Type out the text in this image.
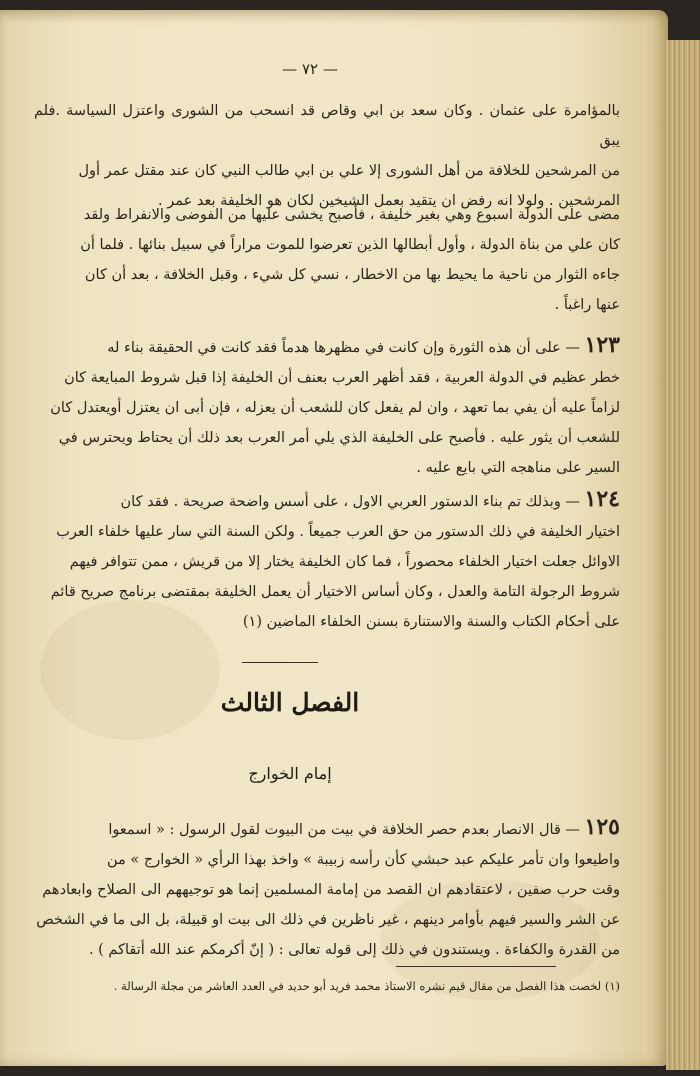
— ٧٢ —
بالمؤامرة على عثمان . وكان سعد بن ابي وقاص قد انسحب من الشورى واعتزل السياسة .فلم يبق
من المرشحين للخلافة من أهل الشورى إلا علي بن ابي طالب النبي كان عند مقتل عمر أول
المرشحين . ولولا انه رفض ان يتقيد بعمل الشيخين لكان هو الخليفة بعد عمر .
مضى على الدولة اسبوع وهي بغير خليفة ، فأصبح يخشى عليها من الفوضى والانفراط ولقد
كان علي من بناة الدولة ، وأول أبطالها الذين تعرضوا للموت مراراً في سبيل بنائها . فلما أن
جاءه الثوار من ناحية ما يحيط بها من الاخطار ، نسي كل شيء ، وقبل الخلافة ، بعد أن كان
عنها راغباً .
١٢٣ — على أن هذه الثورة وإن كانت في مظهرها هدماً فقد كانت في الحقيقة بناء له
خطر عظيم في الدولة العربية ، فقد أظهر العرب بعنف أن الخليفة إذا قبل شروط المبايعة كان
لزاماً عليه أن يفي بما تعهد ، وان لم يفعل كان للشعب أن يعزله ، فإن أبى ان يعتزل أويعتدل كان
للشعب أن يثور عليه . فأصبح على الخليفة الذي يلي أمر العرب بعد ذلك أن يحتاط ويحترس في
السير على مناهجه التي بايع عليه .
١٢٤ — وبذلك تم بناء الدستور العربي الاول ، على أسس واضحة صريحة . فقد كان
اختيار الخليفة في ذلك الدستور من حق العرب جميعاً . ولكن السنة التي سار عليها خلفاء العرب
الاوائل جعلت اختيار الخلفاء محصوراً ، فما كان الخليفة يختار إلا من قريش ، ممن تتوافر فيهم
شروط الرجولة التامة والعدل ، وكان أساس الاختيار أن يعمل الخليفة بمقتضى برنامج صريح قائم
على أحكام الكتاب والسنة والاستنارة بسنن الخلفاء الماضين (١)
الفصل الثالث
إمام الخوارج
١٢٥ — قال الانصار بعدم حصر الخلافة في بيت من البيوت لقول الرسول : « اسمعوا
واطيعوا وان تأمر عليكم عبد حبشي كأن رأسه زبيبة » واخذ بهذا الرأي « الخوارج » من
وقت حرب صفين ، لاعتقادهم ان القصد من إمامة المسلمين إنما هو توجيههم الى الصلاح وابعادهم
عن الشر والسير فيهم بأوامر دينهم ، غير ناظرين في ذلك الى بيت او قبيلة، بل الى ما في الشخص
من القدرة والكفاءة . ويستندون في ذلك إلى قوله تعالى : ( إنّ أكرمكم عند الله أتقاكم ) .
(١) لخصت هذا الفصل من مقال قيم نشره الاستاذ محمد فريد أبو حديد في العدد العاشر من مجلة الرسالة .
